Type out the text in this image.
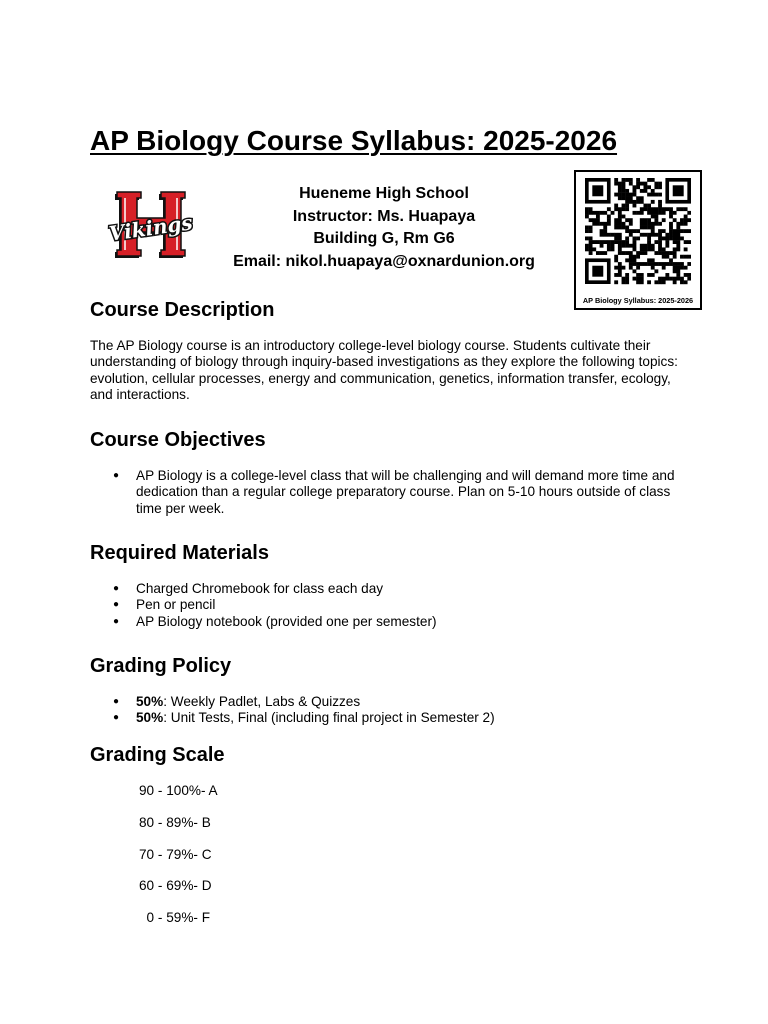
AP Biology Course Syllabus: 2025-2026
Vikings
Hueneme High School
Instructor: Ms. Huapaya
Building G, Rm G6
Email: nikol.huapaya@oxnardunion.org
AP Biology Syllabus: 2025-2026
Course Description

The AP Biology course is an introductory college-level biology course. Students cultivate their understanding of biology through inquiry-based investigations as they explore the following topics: evolution, cellular processes, energy and communication, genetics, information transfer, ecology, and interactions.

Course Objectives
● AP Biology is a college-level class that will be challenging and will demand more time and dedication than a regular college preparatory course. Plan on 5-10 hours outside of class time per week.
Required Materials
● Charged Chromebook for class each day
● Pen or pencil
● AP Biology notebook (provided one per semester)
Grading Policy
● 50%: Weekly Padlet, Labs & Quizzes
● 50%: Unit Tests, Final (including final project in Semester 2)
Grading Scale
90 - 100%- A
80 - 89%- B
70 - 79%- C
60 - 69%- D
0 - 59%- F
